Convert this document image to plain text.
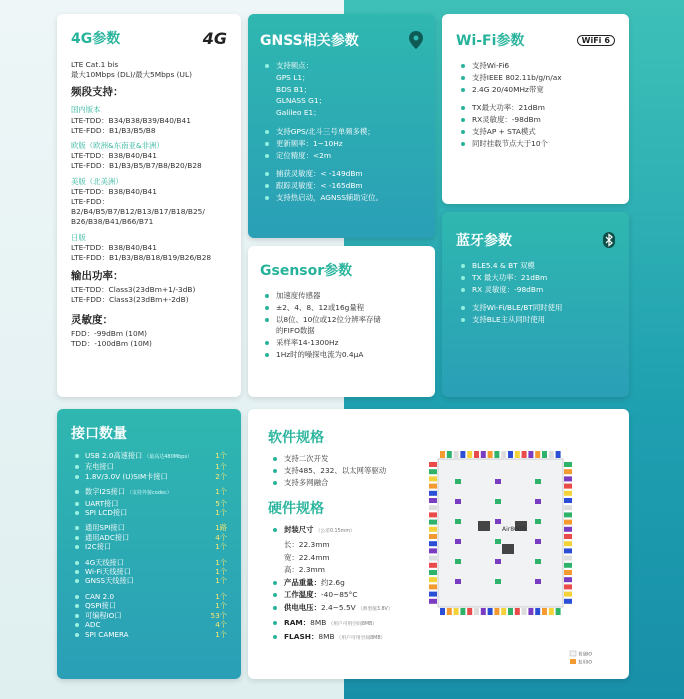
4G参数	4G
LTE Cat.1 bis
最大10Mbps (DL)/最大5Mbps (UL)
频段支持：
国内版本
LTE-TDD：B34/B38/B39/B40/B41
LTE-FDD：B1/B3/B5/B8
欧版（欧洲&东南亚&非洲）
LTE-TDD：B38/B40/B41
LTE-FDD：B1/B3/B5/B7/B8/B20/B28
美版（北美洲）
LTE-TDD：B38/B40/B41
LTE-FDD：
B2/B4/B5/B7/B12/B13/B17/B18/B25/
B26/B38/B41/B66/B71
日版
LTE-TDD：B38/B40/B41
LTE-FDD：B1/B3/B8/B18/B19/B26/B28
输出功率：
LTE-TDD：Class3(23dBm+1/-3dB)
LTE-FDD：Class3(23dBm+-2dB)
灵敏度：
FDD：-99dBm (10M)
TDD：-100dBm (10M)
GNSS相关参数
支持频点：
GPS L1；
BDS B1；
GLNASS G1；
Galileo E1；
支持GPS/北斗三号单频多模；
更新频率：1~10Hz
定位精度：<2m
捕获灵敏度：< -149dBm
跟踪灵敏度：< -165dBm
支持热启动，AGNSS辅助定位。
Gsensor参数
加速度传感器
±2、4、8、12或16g量程
以8位、10位或12位分辨率存储
的FIFO数据
采样率14-1300Hz
1Hz时的噪探电流为0.4μA
Wi-Fi参数	WiFi 6
支持Wi-Fi6
支持IEEE 802.11b/g/n/ax
2.4G 20/40MHz带宽
TX最大功率：21dBm
RX灵敏度：-98dBm
支持AP + STA模式
同时挂载节点大于10个
蓝牙参数
BLE5.4 & BT 双模
TX 最大功率：21dBm
RX 灵敏度：-98dBm
支持Wi-Fi/BLE/BT同时使用
支持BLE主从同时使用
接口数量
USB 2.0高速接口 （最高达480Mbps）	1个
充电接口	1个
1.8V/3.0V (U)SIM卡接口	2个
数字I2S接口 （支持外接codec）	1个
UART接口	5个
SPI LCD接口	1个
通用SPI接口	1路
通用ADC接口	4个
I2C接口	1个
4G天线接口	1个
Wi-Fi天线接口	1个
GNSS天线接口	1个
CAN 2.0	1个
QSPI接口	1个
可编程IO口	53个
ADC	4个
SPI CAMERA	1个
软件规格
支持二次开发
支持485、232、以太网等驱动
支持多网融合
硬件规格
封装尺寸 （公差0.15mm）
长：22.3mm
宽：22.4mm
高：2.3mm
产品重量：约2.6g
工作温度：-40~85°C
供电电压：2.4~5.5V （典型值3.8V）
RAM：8MB （用户可用空间8MB）
FLASH：8MB （用户可用空间8MB）
Air8000
普通IO
复用IO
